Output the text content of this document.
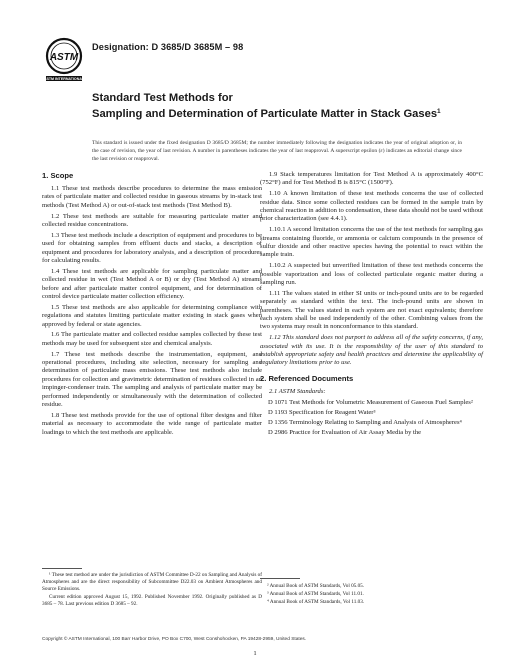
ASTM
ASTM INTERNATIONAL
Designation: D 3685/D 3685M – 98
Standard Test Methods for
Sampling and Determination of Particulate Matter in Stack Gases$^1$
This standard is issued under the fixed designation D 3685/D 3685M; the number immediately following the designation indicates the year of original adoption or, in the case of revision, the year of last revision. A number in parentheses indicates the year of last reapproval. A superscript epsilon (ε) indicates an editorial change since the last revision or reapproval.
1. Scope

1.1 These test methods describe procedures to determine the mass emission rates of particulate matter and collected residue in gaseous streams by in-stack test methods (Test Method A) or out-of-stack test methods (Test Method B).

1.2 These test methods are suitable for measuring particulate matter and collected residue concentrations.

1.3 These test methods include a description of equipment and procedures to be used for obtaining samples from effluent ducts and stacks, a description of equipment and procedures for laboratory analysis, and a description of procedures for calculating results.

1.4 These test methods are applicable for sampling particulate matter and collected residue in wet (Test Method A or B) or dry (Test Method A) streams before and after particulate matter control equipment, and for determination of control device particulate matter collection efficiency.

1.5 These test methods are also applicable for determining compliance with regulations and statutes limiting particulate matter existing in stack gases when approved by federal or state agencies.

1.6 The particulate matter and collected residue samples collected by these test methods may be used for subsequent size and chemical analysis.

1.7 These test methods describe the instrumentation, equipment, and operational procedures, including site selection, necessary for sampling and determination of particulate mass emissions. These test methods also include procedures for collection and gravimetric determination of residues collected in an impinger-condenser train. The sampling and analysis of particulate matter may be performed independently or simultaneously with the determination of collected residue.

1.8 These test methods provide for the use of optional filter designs and filter material as necessary to accommodate the wide range of particulate matter loadings to which the test methods are applicable.

1.9 Stack temperatures limitation for Test Method A is approximately 400°C (752°F) and for Test Method B is 815°C (1500°F).

1.10 A known limitation of these test methods concerns the use of collected residue data. Since some collected residues can be formed in the sample train by chemical reaction in addition to condensation, these data should not be used without prior characterization (see 4.4.1).

1.10.1 A second limitation concerns the use of the test methods for sampling gas streams containing fluoride, or ammonia or calcium compounds in the presence of sulfur dioxide and other reactive species having the potential to react within the sample train.

1.10.2 A suspected but unverified limitation of these test methods concerns the possible vaporization and loss of collected particulate organic matter during a sampling run.

1.11 The values stated in either SI units or inch-pound units are to be regarded separately as standard within the text. The inch-pound units are shown in parentheses. The values stated in each system are not exact equivalents; therefore each system shall be used independently of the other. Combining values from the two systems may result in nonconformance to this standard.

1.12 This standard does not purport to address all of the safety concerns, if any, associated with its use. It is the responsibility of the user of this standard to establish appropriate safety and health practices and determine the applicability of regulatory limitations prior to use.

2. Referenced Documents
2.1 ASTM Standards:
D 1071 Test Methods for Volumetric Measurement of Gaseous Fuel Samples²
D 1193 Specification for Reagent Water³
D 1356 Terminology Relating to Sampling and Analysis of Atmospheres⁴
D 2986 Practice for Evaluation of Air Assay Media by the

¹ These test method are under the jurisdiction of ASTM Committee D-22 on Sampling and Analysis of Atmospheres and are the direct responsibility of Subcommittee D22.03 on Ambient Atmospheres and Source Emissions.

Current edition approved August 15, 1992. Published November 1992. Originally published as D 3685 – 78. Last previous edition D 3685 – 92.

² Annual Book of ASTM Standards, Vol 05.05.

³ Annual Book of ASTM Standards, Vol 11.01.

⁴ Annual Book of ASTM Standards, Vol 11.03.

Copyright © ASTM International, 100 Barr Harbor Drive, PO Box C700, West Conshohocken, PA 19428-2959, United States.
1
